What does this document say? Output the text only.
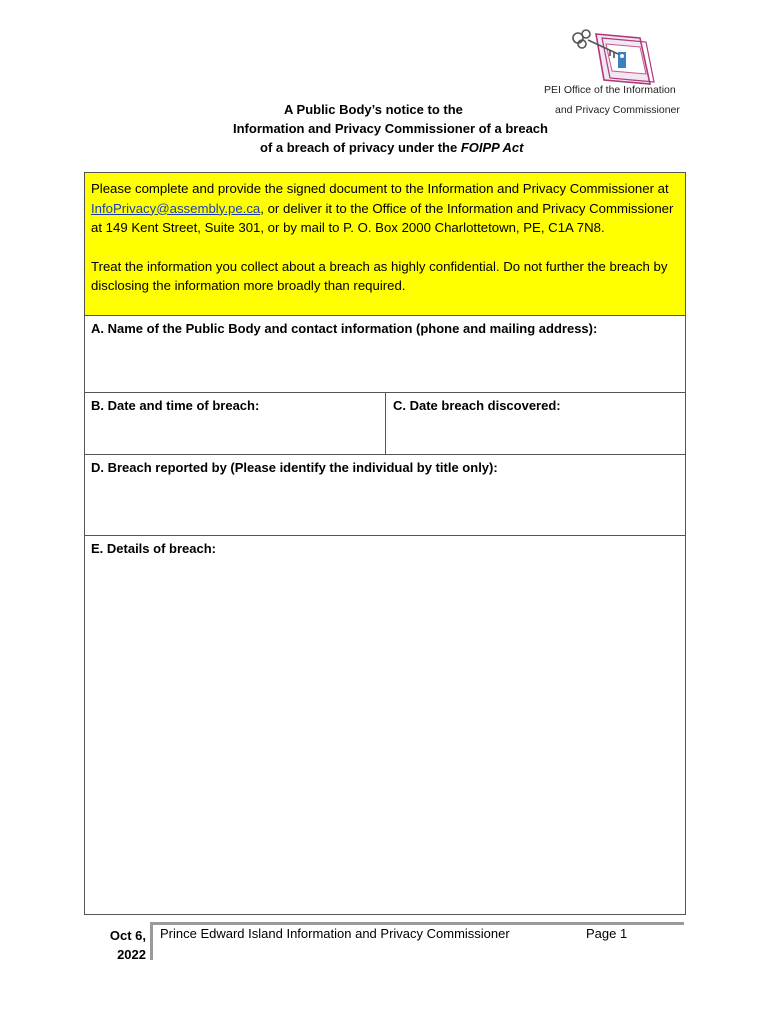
PEI Office of the Information
and Privacy Commissioner
A Public Body’s notice to the
Information and Privacy Commissioner of a breach
of a breach of privacy under the FOIPP Act

Please complete and provide the signed document to the Information and Privacy Commissioner at InfoPrivacy@assembly.pe.ca, or deliver it to the Office of the Information and Privacy Commissioner at 149 Kent Street, Suite 301, or by mail to P. O. Box 2000 Charlottetown, PE, C1A 7N8.

Treat the information you collect about a breach as highly confidential. Do not further the breach by disclosing the information more broadly than required.

A. Name of the Public Body and contact information (phone and mailing address):
B. Date and time of breach:	C. Date breach discovered:
D. Breach reported by (Please identify the individual by title only):
E. Details of breach:
Oct 6,
2022
Prince Edward Island Information and Privacy Commissioner	Page 1
